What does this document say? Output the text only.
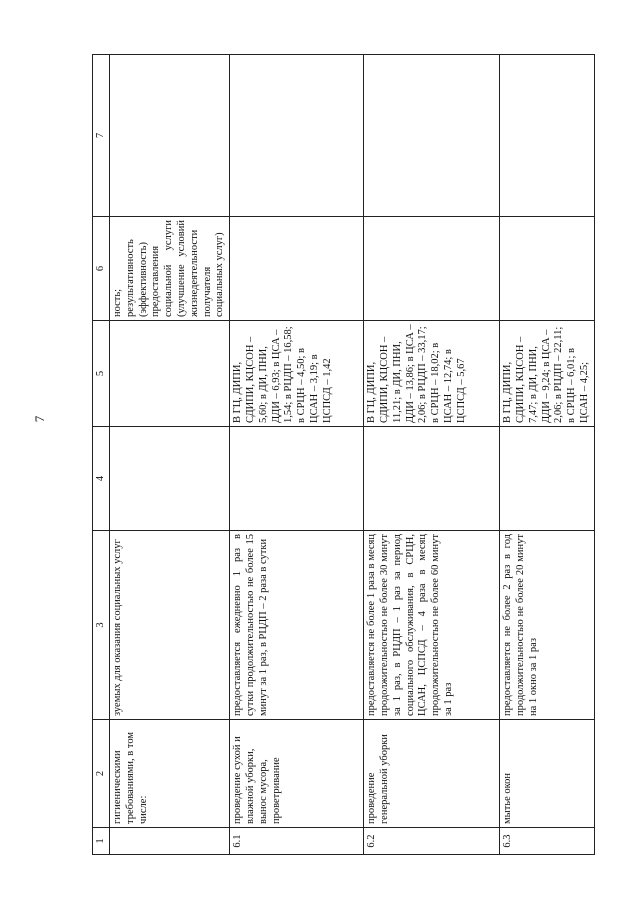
7
1	2	3	4	5	6	7
	гигиеническими требованиями, в том числе:	зуемых для оказания социальных услуг			ность; результативность (эффективность) предоставления социальной услуги (улучшение условий жизнедеятельности получателя социальных услуг)	
6.1	проведение сухой и влажной уборки, вынос мусора, проветривание	предоставляется ежедневно 1 раз в сутки продолжительностью не более 15 минут за 1 раз, в РЦДП – 2 раза в сутки		В ГЦ, ДИПИ, СДИПИ, КЦСОН – 5,60; в ДИ, ПНИ, ДДИ – 6,93; в ЦСА – 1,54; в РЦДП – 16,58; в СРЦН – 4,50; в ЦСАН – 3,19; в ЦСПСД – 1,42		
6.2	проведение генеральной уборки	предоставляется не более 1 раза в месяц продолжительностью не более 30 минут за 1 раз, в РЦДП – 1 раз за период социального обслуживания, в СРЦН, ЦСАН, ЦСПСД – 4 раза в месяц продолжительностью не более 60 минут за 1 раз		В ГЦ, ДИПИ, СДИПИ, КЦСОН – 11,21; в ДИ, ПНИ, ДДИ – 13,86; в ЦСА – 2,06; в РЦДП – 33,17; в СРЦН – 18,02; в ЦСАН – 12,74; в ЦСПСД – 5,67		
6.3	мытье окон	предоставляется не более 2 раз в год продолжительностью не более 20 минут на 1 окно за 1 раз		В ГЦ, ДИПИ, СДИПИ, КЦСОН – 7,47; в ДИ, ПНИ, ДДИ – 9,24; в ЦСА – 2,06; в РЦДП – 22,11; в СРЦН – 6,01; в ЦСАН – 4,25;		
